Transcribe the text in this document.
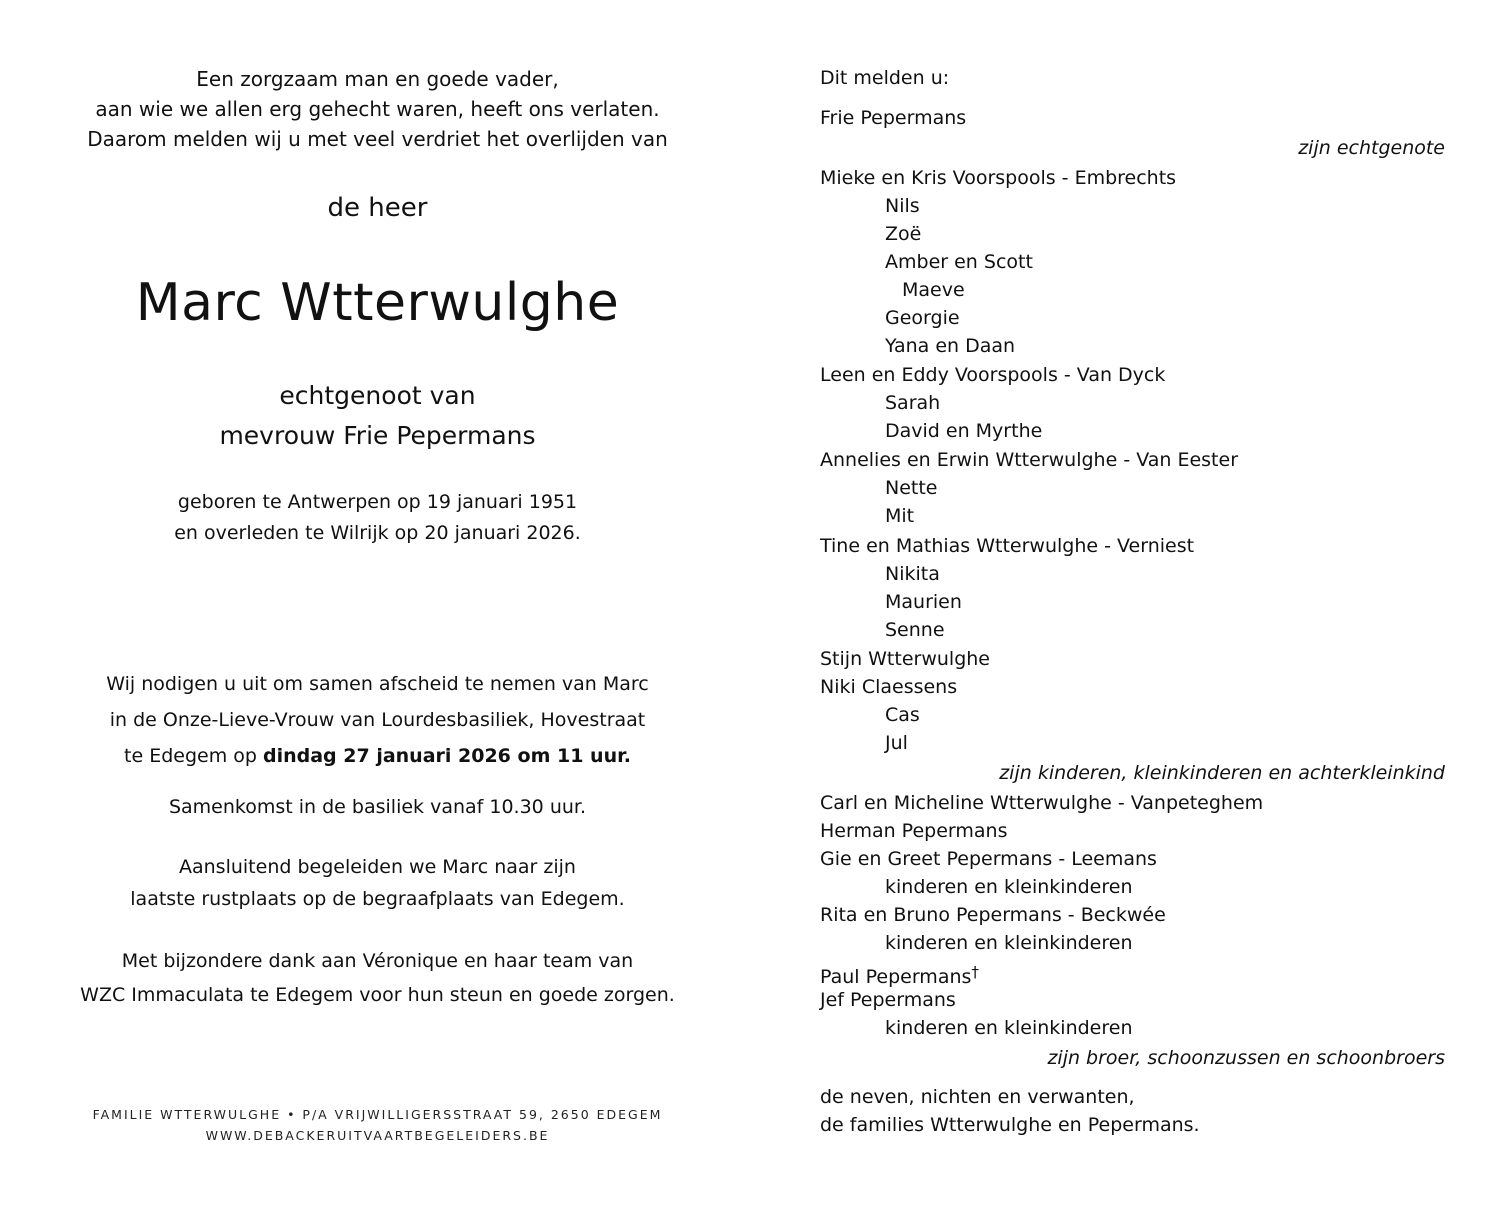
Een zorgzaam man en goede vader,
aan wie we allen erg gehecht waren, heeft ons verlaten.
Daarom melden wij u met veel verdriet het overlijden van
de heer
Marc Wtterwulghe
echtgenoot van
mevrouw Frie Pepermans
geboren te Antwerpen op 19 januari 1951
en overleden te Wilrijk op 20 januari 2026.
Wij nodigen u uit om samen afscheid te nemen van Marc
in de Onze-Lieve-Vrouw van Lourdesbasiliek, Hovestraat
te Edegem op dindag 27 januari 2026 om 11 uur.
Samenkomst in de basiliek vanaf 10.30 uur.
Aansluitend begeleiden we Marc naar zijn
laatste rustplaats op de begraafplaats van Edegem.
Met bijzondere dank aan Véronique en haar team van
WZC Immaculata te Edegem voor hun steun en goede zorgen.
FAMILIE WTTERWULGHE • P/A VRIJWILLIGERSSTRAAT 59, 2650 EDEGEM
WWW.DEBACKERUITVAARTBEGELEIDERS.BE
Dit melden u:
Frie Pepermans
zijn echtgenote
Mieke en Kris Voorspools - Embrechts
Nils
Zoë
Amber en Scott
Maeve
Georgie
Yana en Daan
Leen en Eddy Voorspools - Van Dyck
Sarah
David en Myrthe
Annelies en Erwin Wtterwulghe - Van Eester
Nette
Mit
Tine en Mathias Wtterwulghe - Verniest
Nikita
Maurien
Senne
Stijn Wtterwulghe
Niki Claessens
Cas
Jul
zijn kinderen, kleinkinderen en achterkleinkind
Carl en Micheline Wtterwulghe - Vanpeteghem
Herman Pepermans
Gie en Greet Pepermans - Leemans
kinderen en kleinkinderen
Rita en Bruno Pepermans - Beckwée
kinderen en kleinkinderen
Paul Pepermans†
Jef Pepermans
kinderen en kleinkinderen
zijn broer, schoonzussen en schoonbroers
de neven, nichten en verwanten,
de families Wtterwulghe en Pepermans.
